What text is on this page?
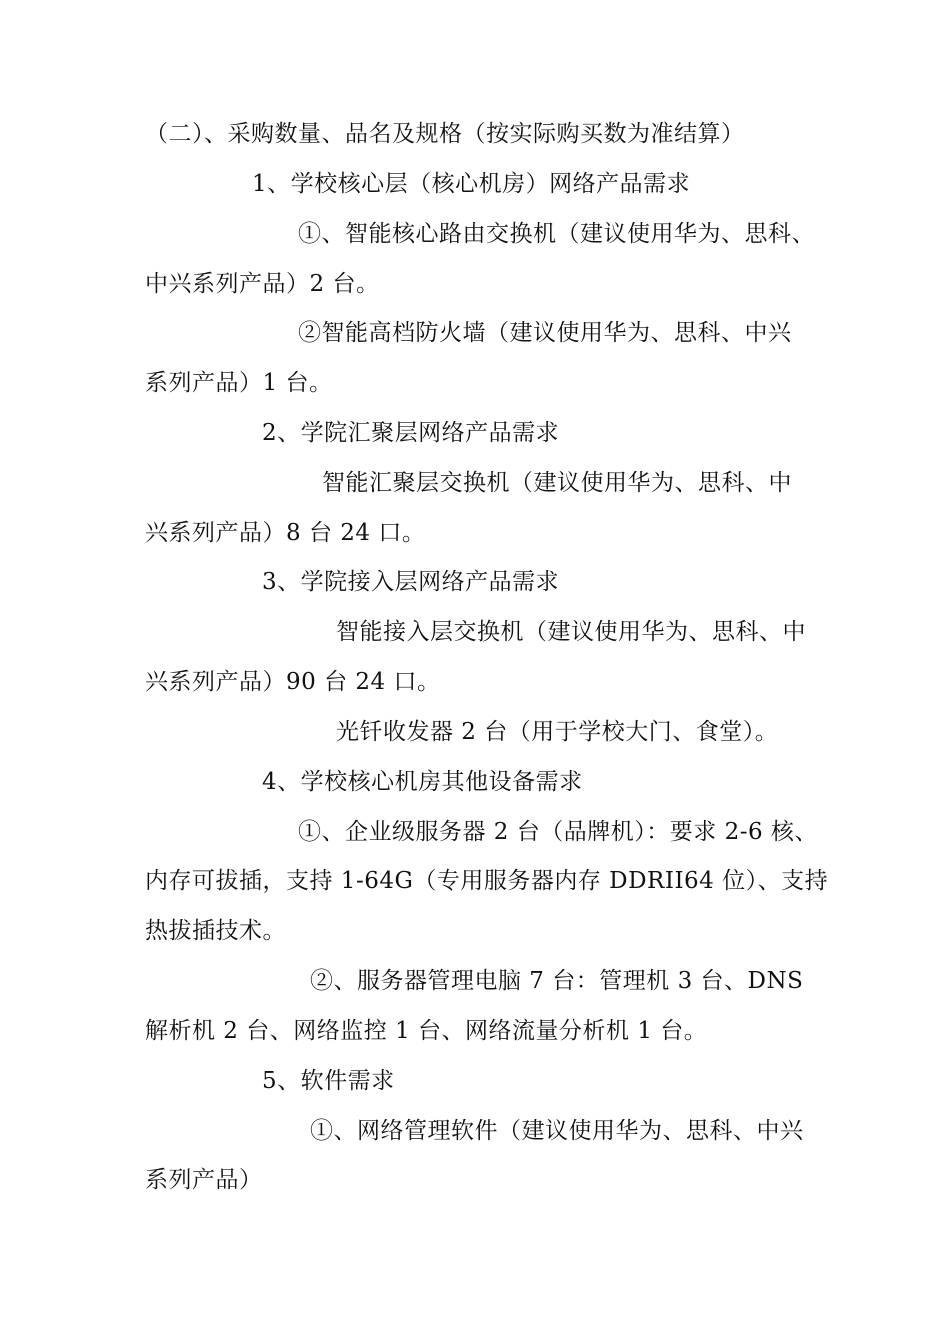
（二）、采购数量、品名及规格（按实际购买数为准结算）
1、学校核心层（核心机房）网络产品需求
①、智能核心路由交换机（建议使用华为、思科、
中兴系列产品）2 台。
②智能高档防火墙（建议使用华为、思科、中兴
系列产品）1 台。
2、学院汇聚层网络产品需求
智能汇聚层交换机（建议使用华为、思科、中
兴系列产品）8 台 24 口。
3、学院接入层网络产品需求
智能接入层交换机（建议使用华为、思科、中
兴系列产品）90 台 24 口。
光钎收发器 2 台（用于学校大门、食堂）。
4、学校核心机房其他设备需求
①、企业级服务器 2 台（品牌机）：要求 2-6 核、
内存可拔插，支持 1-64G（专用服务器内存 DDRII64 位）、支持
热拔插技术。
②、服务器管理电脑 7 台：管理机 3 台、DNS
解析机 2 台、网络监控 1 台、网络流量分析机 1 台。
5、软件需求
①、网络管理软件（建议使用华为、思科、中兴
系列产品）
